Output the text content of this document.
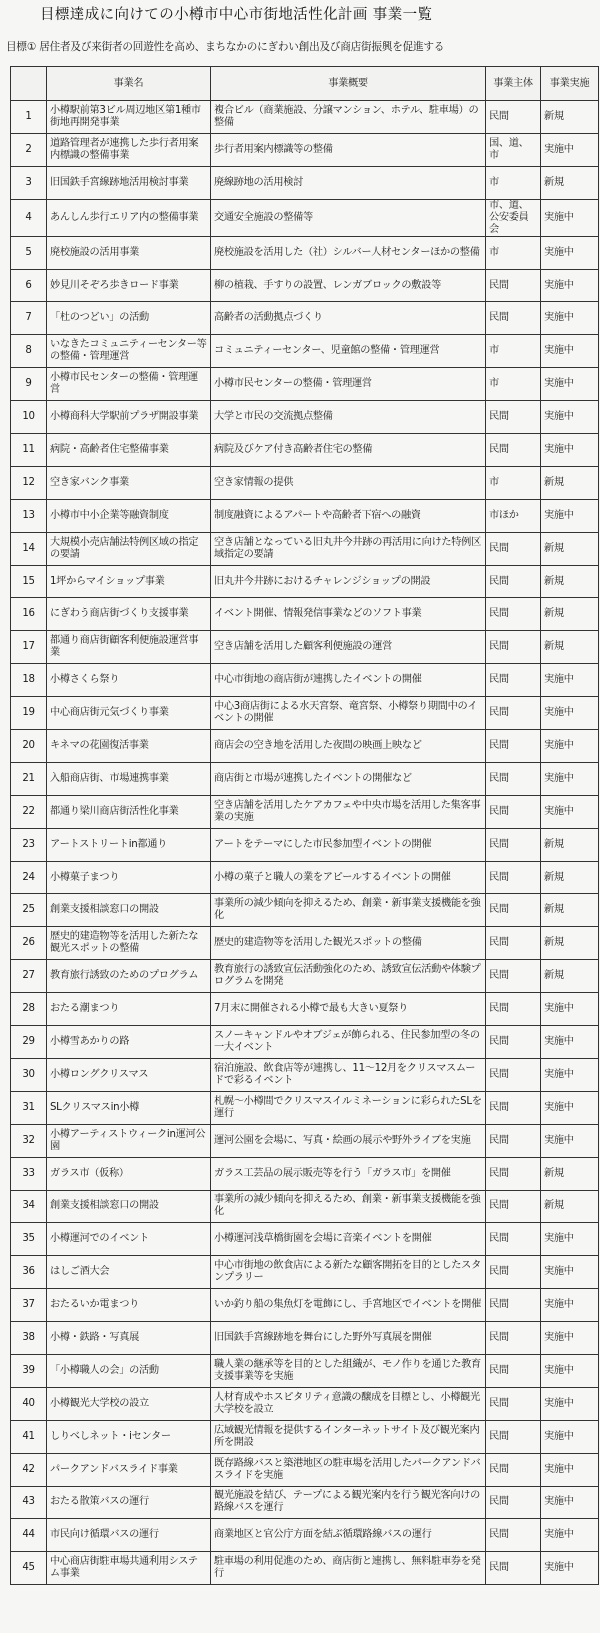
目標達成に向けての小樽市中心市街地活性化計画 事業一覧
目標① 居住者及び来街者の回遊性を高め、まちなかのにぎわい創出及び商店街振興を促進する
	事業名	事業概要	事業主体	事業実施
1	小樽駅前第3ビル周辺地区第1種市街地再開発事業	複合ビル（商業施設、分譲マンション、ホテル、駐車場）の整備	民間	新規
2	道路管理者が連携した歩行者用案内標識の整備事業	歩行者用案内標識等の整備	国、道、市	実施中
3	旧国鉄手宮線跡地活用検討事業	廃線跡地の活用検討	市	新規
4	あんしん歩行エリア内の整備事業	交通安全施設の整備等	市、道、公安委員会	実施中
5	廃校施設の活用事業	廃校施設を活用した（社）シルバー人材センターほかの整備	市	実施中
6	妙見川そぞろ歩きロード事業	柳の植栽、手すりの設置、レンガブロックの敷設等	民間	実施中
7	「杜のつどい」の活動	高齢者の活動拠点づくり	民間	実施中
8	いなきたコミュニティーセンター等の整備・管理運営	コミュニティーセンター、児童館の整備・管理運営	市	実施中
9	小樽市民センターの整備・管理運営	小樽市民センターの整備・管理運営	市	実施中
10	小樽商科大学駅前プラザ開設事業	大学と市民の交流拠点整備	民間	実施中
11	病院・高齢者住宅整備事業	病院及びケア付き高齢者住宅の整備	民間	実施中
12	空き家バンク事業	空き家情報の提供	市	新規
13	小樽市中小企業等融資制度	制度融資によるアパートや高齢者下宿への融資	市ほか	実施中
14	大規模小売店舗法特例区域の指定の要請	空き店舗となっている旧丸井今井跡の再活用に向けた特例区域指定の要請	民間	新規
15	1坪からマイショップ事業	旧丸井今井跡におけるチャレンジショップの開設	民間	新規
16	にぎわう商店街づくり支援事業	イベント開催、情報発信事業などのソフト事業	民間	新規
17	都通り商店街顧客利便施設運営事業	空き店舗を活用した顧客利便施設の運営	民間	新規
18	小樽さくら祭り	中心市街地の商店街が連携したイベントの開催	民間	実施中
19	中心商店街元気づくり事業	中心3商店街による水天宮祭、竜宮祭、小樽祭り期間中のイベントの開催	民間	実施中
20	キネマの花園復活事業	商店会の空き地を活用した夜間の映画上映など	民間	実施中
21	入船商店街、市場連携事業	商店街と市場が連携したイベントの開催など	民間	実施中
22	都通り梁川商店街活性化事業	空き店舗を活用したケアカフェや中央市場を活用した集客事業の実施	民間	実施中
23	アートストリートin都通り	アートをテーマにした市民参加型イベントの開催	民間	新規
24	小樽菓子まつり	小樽の菓子と職人の業をアピールするイベントの開催	民間	新規
25	創業支援相談窓口の開設	事業所の減少傾向を抑えるため、創業・新事業支援機能を強化	民間	新規
26	歴史的建造物等を活用した新たな観光スポットの整備	歴史的建造物等を活用した観光スポットの整備	民間	新規
27	教育旅行誘致のためのプログラム	教育旅行の誘致宣伝活動強化のため、誘致宣伝活動や体験プログラムを開発	民間	新規
28	おたる潮まつり	7月末に開催される小樽で最も大きい夏祭り	民間	実施中
29	小樽雪あかりの路	スノーキャンドルやオブジェが飾られる、住民参加型の冬の一大イベント	民間	実施中
30	小樽ロングクリスマス	宿泊施設、飲食店等が連携し、11～12月をクリスマスムードで彩るイベント	民間	実施中
31	SLクリスマスin小樽	札幌～小樽間でクリスマスイルミネーションに彩られたSLを運行	民間	実施中
32	小樽アーティストウィークin運河公園	運河公園を会場に、写真・絵画の展示や野外ライブを実施	民間	実施中
33	ガラス市（仮称）	ガラス工芸品の展示販売等を行う「ガラス市」を開催	民間	新規
34	創業支援相談窓口の開設	事業所の減少傾向を抑えるため、創業・新事業支援機能を強化	民間	新規
35	小樽運河でのイベント	小樽運河浅草橋街園を会場に音楽イベントを開催	民間	実施中
36	はしご酒大会	中心市街地の飲食店による新たな顧客開拓を目的としたスタンプラリー	民間	実施中
37	おたるいか電まつり	いか釣り船の集魚灯を電飾にし、手宮地区でイベントを開催	民間	実施中
38	小樽・鉄路・写真展	旧国鉄手宮線跡地を舞台にした野外写真展を開催	民間	実施中
39	「小樽職人の会」の活動	職人業の継承等を目的とした組織が、モノ作りを通じた教育支援事業等を実施	民間	実施中
40	小樽観光大学校の設立	人材育成やホスピタリティ意識の醸成を目標とし、小樽観光大学校を設立	民間	実施中
41	しりべしネット・iセンター	広域観光情報を提供するインターネットサイト及び観光案内所を開設	民間	実施中
42	パークアンドバスライド事業	既存路線バスと築港地区の駐車場を活用したパークアンドバスライドを実施	民間	実施中
43	おたる散策バスの運行	観光施設を結び、テープによる観光案内を行う観光客向けの路線バスを運行	民間	実施中
44	市民向け循環バスの運行	商業地区と官公庁方面を結ぶ循環路線バスの運行	民間	実施中
45	中心商店街駐車場共通利用システム事業	駐車場の利用促進のため、商店街と連携し、無料駐車券を発行	民間	実施中
